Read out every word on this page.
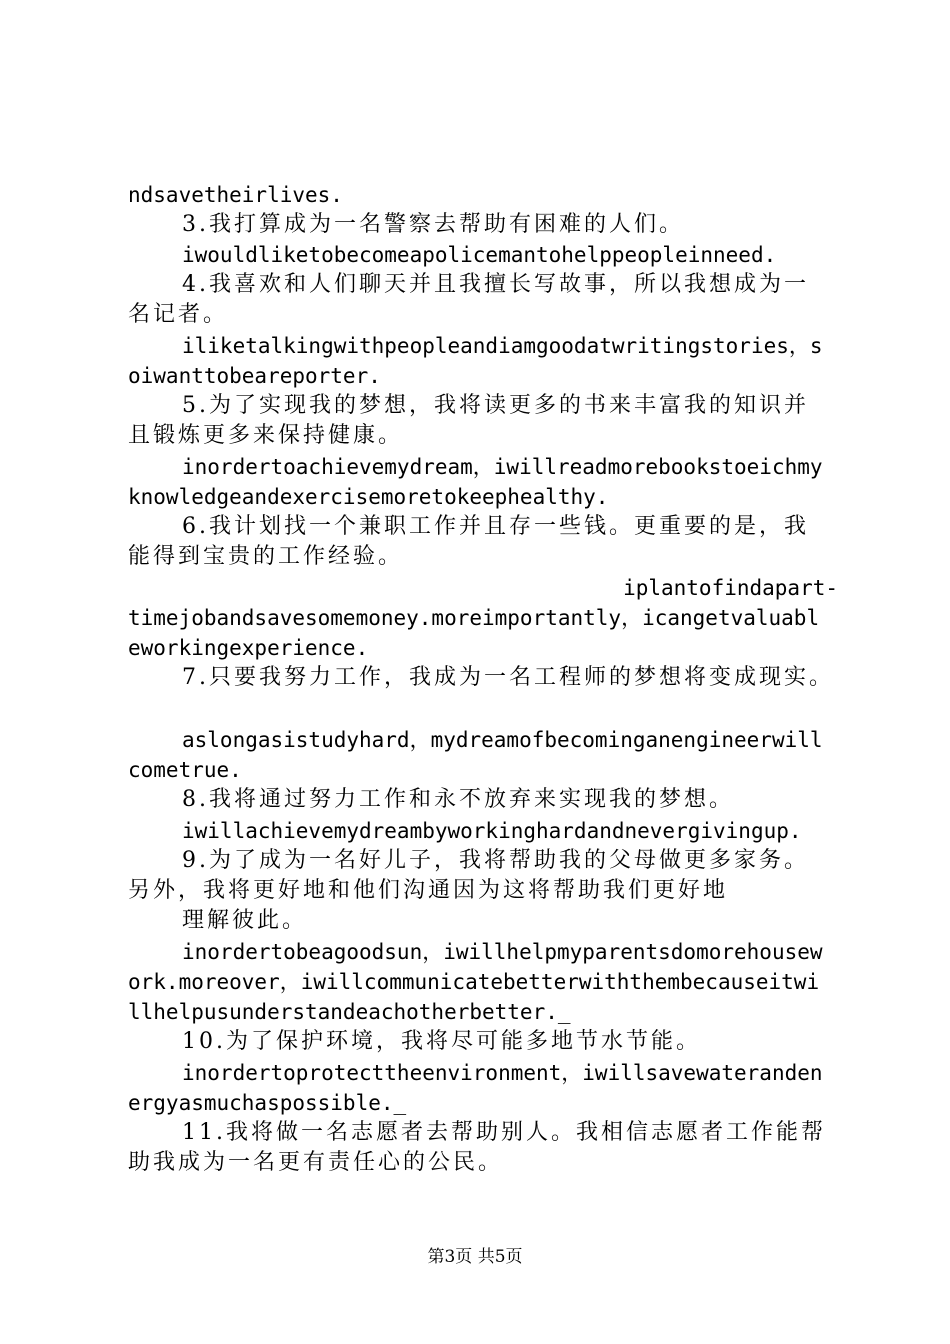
ndsavetheirlives.

3.我打算成为一名警察去帮助有困难的人们。

iwouldliketobecomeapolicemantohelppeopleinneed.

4.我喜欢和人们聊天并且我擅长写故事，所以我想成为一

名记者。

iliketalkingwithpeopleandiamgoodatwritingstories，s

oiwanttobeareporter.

5.为了实现我的梦想，我将读更多的书来丰富我的知识并

且锻炼更多来保持健康。

inordertoachievemydream，iwillreadmorebookstoeichmy

knowledgeandexercisemoretokeephealthy.

6.我计划找一个兼职工作并且存一些钱。更重要的是，我

能得到宝贵的工作经验。

iplantofindapart-

timejobandsavesomemoney.moreimportantly，icangetvaluabl

eworkingexperience.

7.只要我努力工作，我成为一名工程师的梦想将变成现实。

aslongasistudyhard，mydreamofbecominganengineerwill

cometrue.

8.我将通过努力工作和永不放弃来实现我的梦想。

iwillachievemydreambyworkinghardandnevergivingup.

9.为了成为一名好儿子，我将帮助我的父母做更多家务。

另外，我将更好地和他们沟通因为这将帮助我们更好地

理解彼此。

inordertobeagoodsun，iwillhelpmyparentsdomorehousew

ork.moreover，iwillcommunicatebetterwiththembecauseitwi

llhelpusunderstandeachotherbetter._

10.为了保护环境，我将尽可能多地节水节能。

inordertoprotecttheenvironment，iwillsavewateranden

ergyasmuchaspossible._

11.我将做一名志愿者去帮助别人。我相信志愿者工作能帮

助我成为一名更有责任心的公民。

第3页 共5页
